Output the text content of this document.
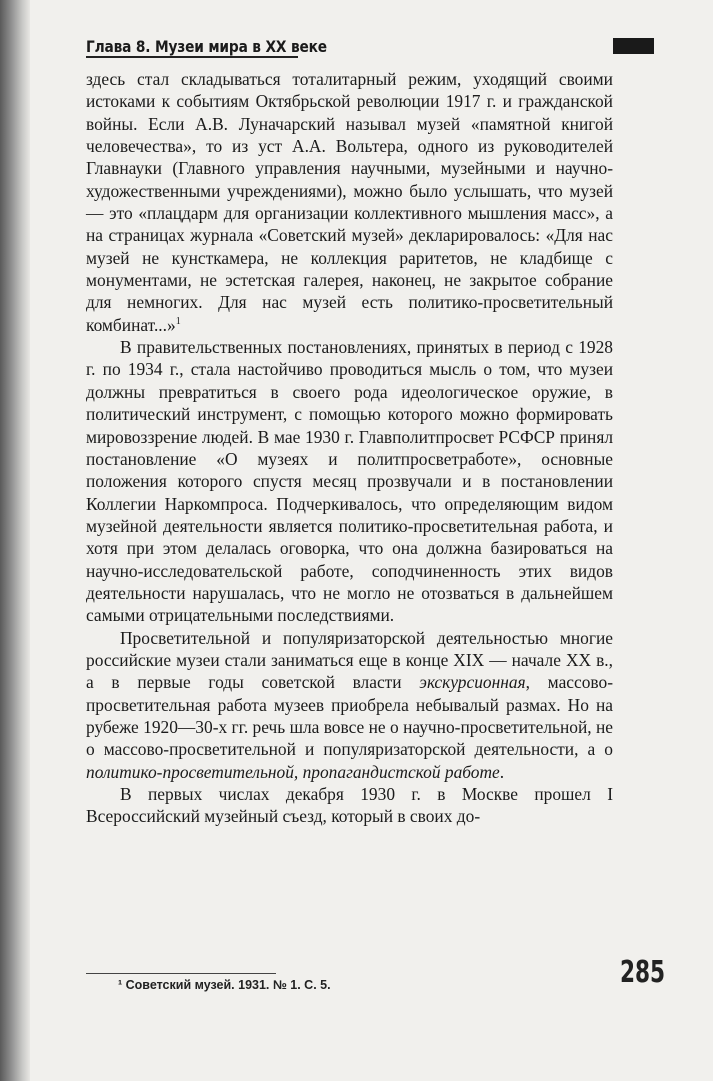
Глава 8. Музеи мира в XX веке

здесь стал складываться тоталитарный режим, уходящий своими истоками к событиям Октябрьской революции 1917 г. и гражданской войны. Если А.В. Луначарский называл музей «памятной книгой человечества», то из уст А.А. Вольтера, одного из руководителей Главнауки (Главного управления научными, музейными и научно-художественными учреждениями), можно было услышать, что музей — это «плацдарм для организации коллективного мышления масс», а на страницах журнала «Советский музей» декларировалось: «Для нас музей не кунсткамера, не коллекция раритетов, не кладбище с монументами, не эстетская галерея, наконец, не закрытое собрание для немногих. Для нас музей есть политико-просветительный комбинат...»$^1$

В правительственных постановлениях, принятых в период с 1928 г. по 1934 г., стала настойчиво проводиться мысль о том, что музеи должны превратиться в своего рода идеологическое оружие, в политический инструмент, с помощью которого можно формировать мировоззрение людей. В мае 1930 г. Главполитпросвет РСФСР принял постановление «О музеях и политпросветработе», основные положения которого спустя месяц прозвучали и в постановлении Коллегии Наркомпроса. Подчеркивалось, что определяющим видом музейной деятельности является политико-просветительная работа, и хотя при этом делалась оговорка, что она должна базироваться на научно-исследовательской работе, соподчиненность этих видов деятельности нарушалась, что не могло не отозваться в дальнейшем самыми отрицательными последствиями.

Просветительной и популяризаторской деятельностью многие российские музеи стали заниматься еще в конце XIX — начале XX в., а в первые годы советской власти экскурсионная, массово-просветительная работа музеев приобрела небывалый размах. Но на рубеже 1920—30-х гг. речь шла вовсе не о научно-просветительной, не о массово-просветительной и популяризаторской деятельности, а о политико-просветительной, пропагандистской работе.

В первых числах декабря 1930 г. в Москве прошел I Всероссийский музейный съезд, который в своих до-

¹ Советский музей. 1931. № 1. С. 5.	285
